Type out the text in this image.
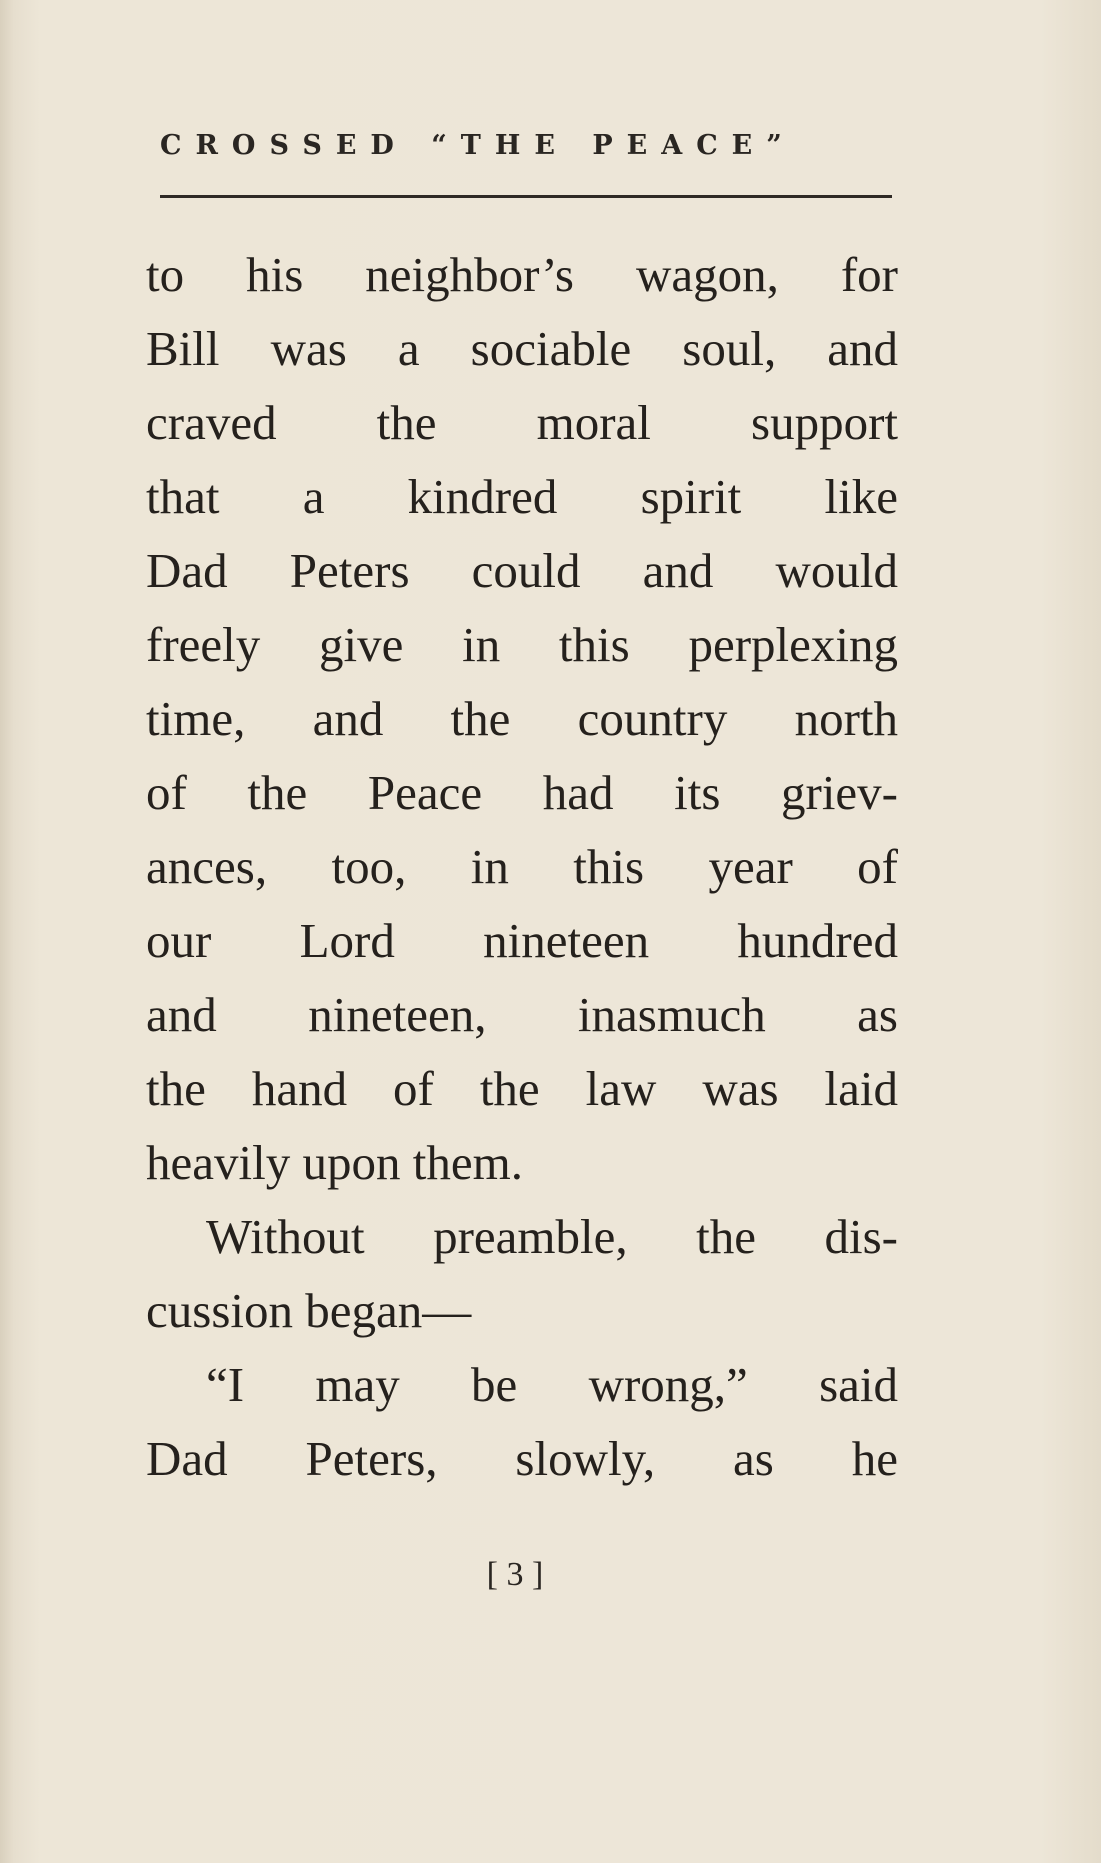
CROSSED “THE PEACE”
to his neighbor’s wagon, for
Bill was a sociable soul, and
craved the moral support
that a kindred spirit like
Dad Peters could and would
freely give in this perplexing
time, and the country north
of the Peace had its griev-
ances, too, in this year of
our Lord nineteen hundred
and nineteen, inasmuch as
the hand of the law was laid
heavily upon them.
Without preamble, the dis-
cussion began—
“I may be wrong,” said
Dad Peters, slowly, as he
[ 3 ]
